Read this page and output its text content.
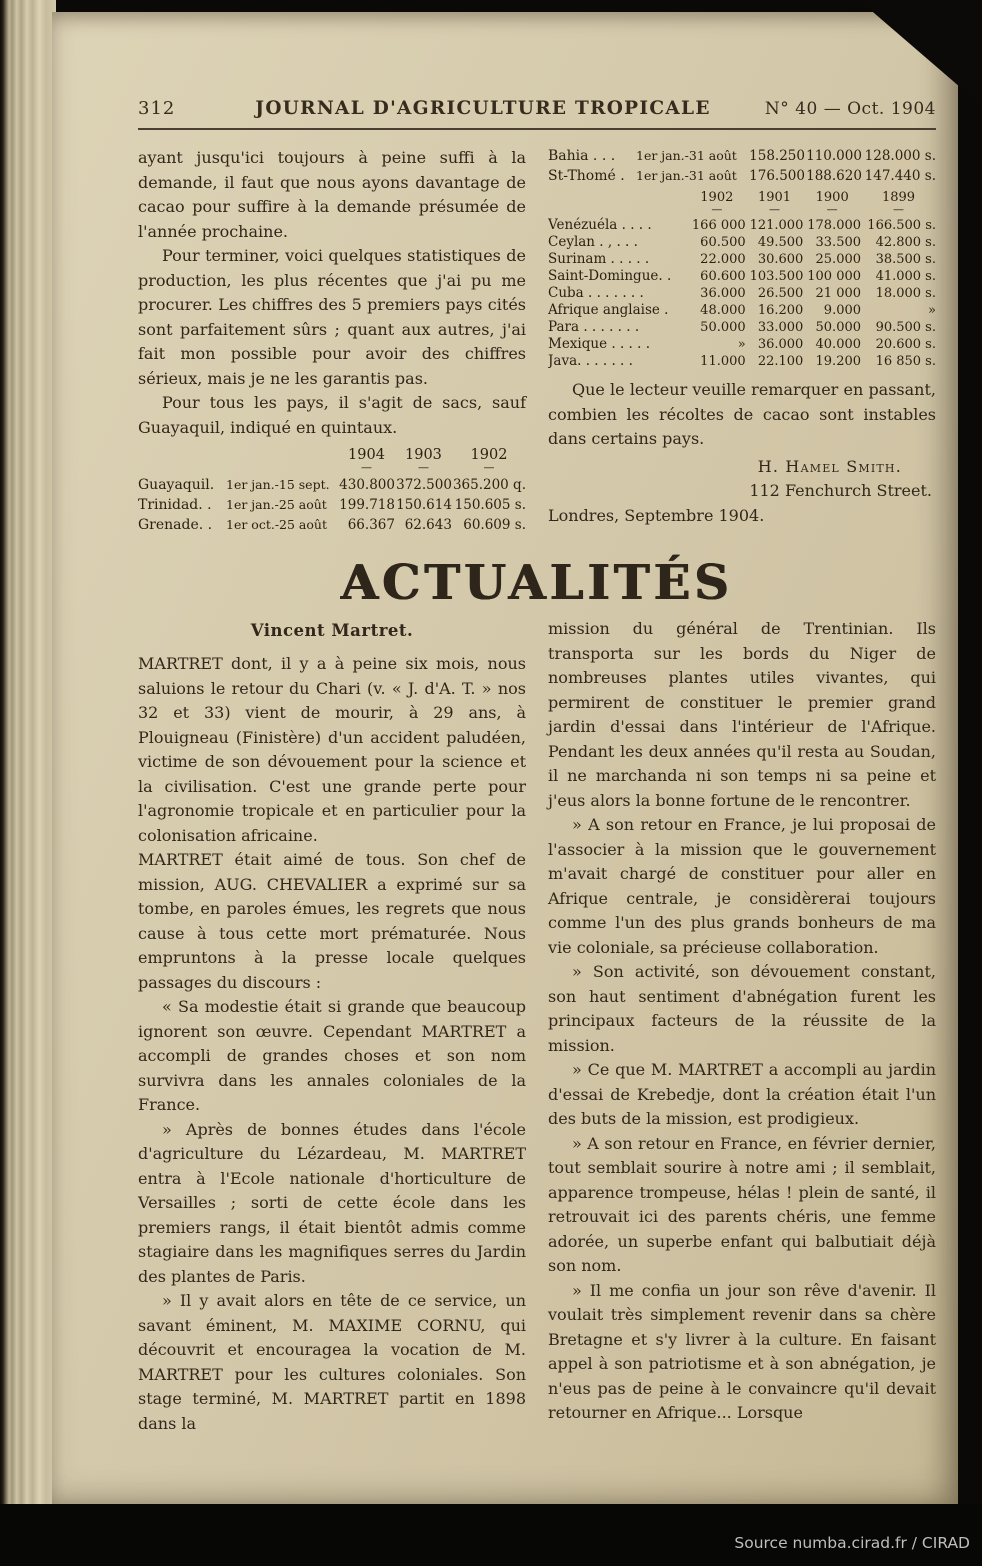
312	JOURNAL D'AGRICULTURE TROPICALE	N° 40 — Oct. 1904

ayant jusqu'ici toujours à peine suffi à la demande, il faut que nous ayons davantage de cacao pour suffire à la demande présumée de l'année prochaine.

Pour terminer, voici quelques statistiques de production, les plus récentes que j'ai pu me procurer. Les chiffres des 5 premiers pays cités sont parfaitement sûrs ; quant aux autres, j'ai fait mon possible pour avoir des chiffres sérieux, mais je ne les garantis pas.

Pour tous les pays, il s'agit de sacs, sauf Guayaquil, indiqué en quintaux.

1904 —	1903 —	1902 —
Guayaquil. 1er jan.-15 sept. 430.800 372.500 365.200 q.
Trinidad. .	1er jan.-25 août 199.718 150.614 150.605 s.
Grenade. .	1er oct.-25 août	66.367 62.643 60.609 s.
Bahia . . .	1er jan.-31 août 158.250 110.000 128.000 s.
St-Thomé . 1er jan.-31 août 176.500 188.620 147.440 s.
1902 —	1901 —	1900 —	1899 —
Venézuéla . . . .	166 000 121.000 178.000 166.500 s.
Ceylan . , . . .	60.500 49.500 33.500	42.800 s.
Surinam . . . . .	22.000 30.600 25.000	38.500 s.
Saint-Domingue. .	60.600 103.500 100 000	41.000 s.
Cuba . . . . . . .	36.000 26.500 21 000	18.000 s.
Afrique anglaise .	48.000 16.200	9.000	»
Para . . . . . . .	50.000 33.000 50.000	90.500 s.
Mexique . . . . .	» 36.000 40.000	20.600 s.
Java. . . . . . .	11.000 22.100 19.200	16 850 s.

Que le lecteur veuille remarquer en passant, combien les récoltes de cacao sont instables dans certains pays.

H. Hamel Smith.

112 Fenchurch Street.

Londres, Septembre 1904.

ACTUALITÉS
Vincent Martret.

MARTRET dont, il y a à peine six mois, nous saluions le retour du Chari (v. « J. d'A. T. » nos 32 et 33) vient de mourir, à 29 ans, à Plouigneau (Finistère) d'un accident paludéen, victime de son dévouement pour la science et la civilisation. C'est une grande perte pour l'agronomie tropicale et en particulier pour la colonisation africaine.

MARTRET était aimé de tous. Son chef de mission, AUG. CHEVALIER a exprimé sur sa tombe, en paroles émues, les regrets que nous cause à tous cette mort prématurée. Nous empruntons à la presse locale quelques passages du discours :

« Sa modestie était si grande que beaucoup ignorent son œuvre. Cependant MARTRET a accompli de grandes choses et son nom survivra dans les annales coloniales de la France.

» Après de bonnes études dans l'école d'agriculture du Lézardeau, M. MARTRET entra à l'Ecole nationale d'horticulture de Versailles ; sorti de cette école dans les premiers rangs, il était bientôt admis comme stagiaire dans les magnifiques serres du Jardin des plantes de Paris.

» Il y avait alors en tête de ce service, un savant éminent, M. MAXIME CORNU, qui découvrit et encouragea la vocation de M. MARTRET pour les cultures coloniales. Son stage terminé, M. MARTRET partit en 1898 dans la

mission du général de Trentinian. Ils transporta sur les bords du Niger de nombreuses plantes utiles vivantes, qui permirent de constituer le premier grand jardin d'essai dans l'intérieur de l'Afrique. Pendant les deux années qu'il resta au Soudan, il ne marchanda ni son temps ni sa peine et j'eus alors la bonne fortune de le rencontrer.

» A son retour en France, je lui proposai de l'associer à la mission que le gouvernement m'avait chargé de constituer pour aller en Afrique centrale, je considèrerai toujours comme l'un des plus grands bonheurs de ma vie coloniale, sa précieuse collaboration.

» Son activité, son dévouement constant, son haut sentiment d'abnégation furent les principaux facteurs de la réussite de la mission.

» Ce que M. MARTRET a accompli au jardin d'essai de Krebedje, dont la création était l'un des buts de la mission, est prodigieux.

» A son retour en France, en février dernier, tout semblait sourire à notre ami ; il semblait, apparence trompeuse, hélas ! plein de santé, il retrouvait ici des parents chéris, une femme adorée, un superbe enfant qui balbutiait déjà son nom.

» Il me confia un jour son rêve d'avenir. Il voulait très simplement revenir dans sa chère Bretagne et s'y livrer à la culture. En faisant appel à son patriotisme et à son abnégation, je n'eus pas de peine à le convaincre qu'il devait retourner en Afrique... Lorsque

Source numba.cirad.fr / CIRAD
